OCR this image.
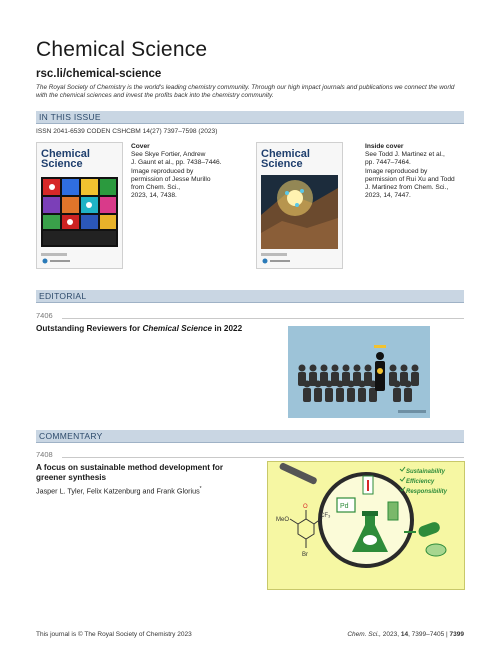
Chemical Science
rsc.li/chemical-science
The Royal Society of Chemistry is the world's leading chemistry community. Through our high impact journals and publications we connect the world with the chemical sciences and invest the profits back into the chemistry community.
IN THIS ISSUE
ISSN 2041-6539 CODEN CSHCBM 14(27) 7397–7598 (2023)
Chemical Science
Cover
See Skye Fortier, Andrew
J. Gaunt et al., pp. 7438–7446.
Image reproduced by
permission of Jesse Murillo
from Chem. Sci.,
2023, 14, 7438.
Chemical Science
Inside cover
See Todd J. Martinez et al.,
pp. 7447–7464.
Image reproduced by
permission of Rui Xu and Todd
J. Martinez from Chem. Sci.,
2023, 14, 7447.
EDITORIAL
7406
Outstanding Reviewers for Chemical Science in 2022
COMMENTARY
7408
A focus on sustainable method development for
greener synthesis
Jasper L. Tyler, Felix Katzenburg and Frank Glorius*
Pd
MeO
O
CF₃
Br
Sustainability
Efficiency
Responsibility
This journal is © The Royal Society of Chemistry 2023	Chem. Sci., 2023, 14, 7399–7405 | 7399
